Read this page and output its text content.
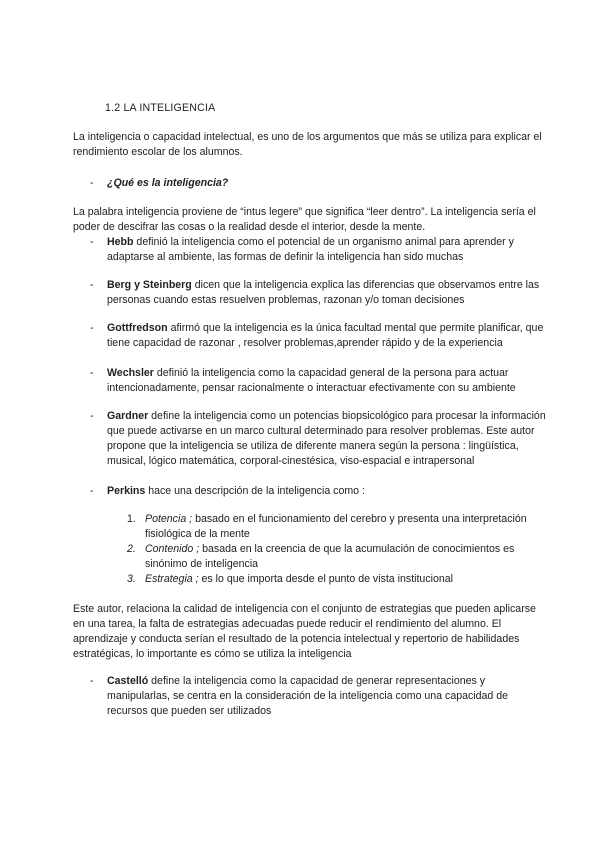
1.2 LA INTELIGENCIA
La inteligencia o capacidad intelectual, es uno de los argumentos que más se utiliza para explicar el rendimiento escolar de los alumnos.
-	¿Qué es la inteligencia?
La palabra inteligencia proviene de “intus legere” que significa “leer dentro”. La inteligencia sería el poder de descifrar las cosas o la realidad desde el interior, desde la mente.
-	Hebb definió la inteligencia como el potencial de un organismo animal para aprender y adaptarse al ambiente, las formas de definir la inteligencia han sido muchas
-	Berg y Steinberg dicen que la inteligencia explica las diferencias que observamos entre las personas cuando estas resuelven problemas, razonan y/o toman decisiones
-	Gottfredson afirmó que la inteligencia es la única facultad mental que permite planificar, que tiene capacidad de razonar , resolver problemas,aprender rápido y de la experiencia
-	Wechsler definió la inteligencia como la capacidad general de la persona para actuar intencionadamente, pensar racionalmente o interactuar efectivamente con su ambiente
-	Gardner define la inteligencia como un potencias biopsicológico para procesar la información que puede activarse en un marco cultural determinado para resolver problemas. Este autor propone que la inteligencia se utiliza de diferente manera según la persona : lingüística, musical, lógico matemática, corporal-cinestésica, viso-espacial e intrapersonal
-	Perkins hace una descripción de la inteligencia como :
1. Potencia ; basado en el funcionamiento del cerebro y presenta una interpretación fisiológica de la mente
2. Contenido ; basada en la creencia de que la acumulación de conocimientos es sinónimo de inteligencia
3. Estrategia ; es lo que importa desde el punto de vista institucional
Este autor, relaciona la calidad de inteligencia con el conjunto de estrategias que pueden aplicarse en una tarea, la falta de estrategias adecuadas puede reducir el rendimiento del alumno. El aprendizaje y conducta serían el resultado de la potencia intelectual y repertorio de habilidades estratégicas, lo importante es cómo se utiliza la inteligencia
-	Castelló define la inteligencia como la capacidad de generar representaciones y manipularlas, se centra en la consideración de la inteligencia como una capacidad de recursos que pueden ser utilizados
